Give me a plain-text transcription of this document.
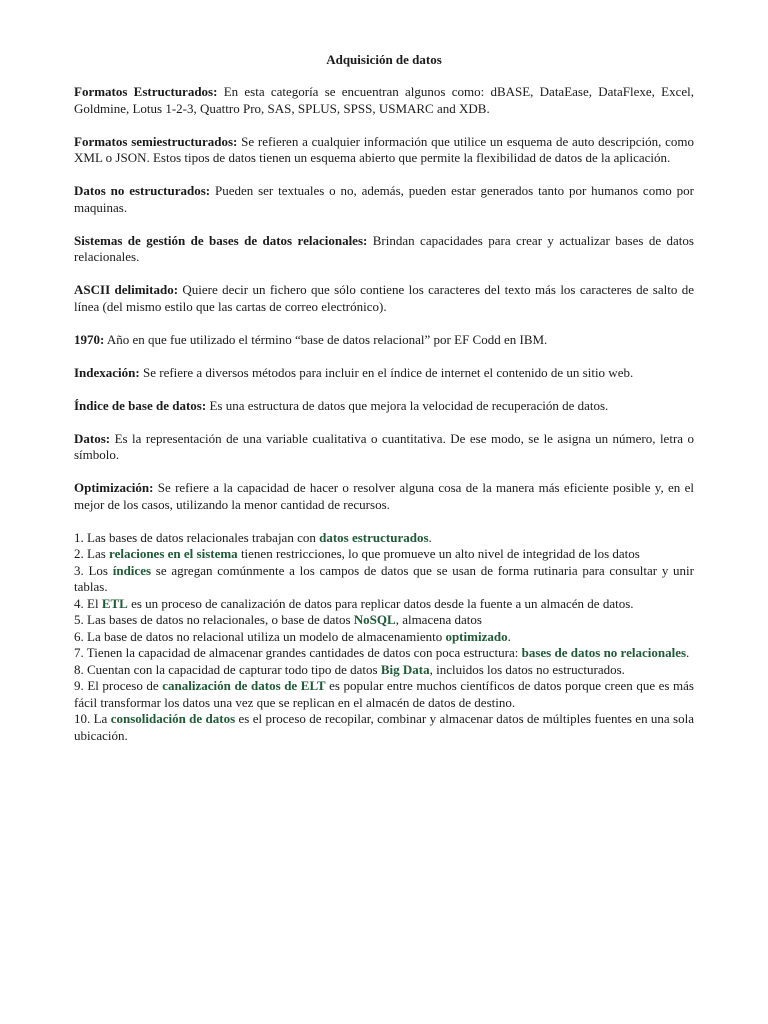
Adquisición de datos

Formatos Estructurados: En esta categoría se encuentran algunos como: dBASE, DataEase, DataFlexe, Excel, Goldmine, Lotus 1-2-3, Quattro Pro, SAS, SPLUS, SPSS, USMARC and XDB.

Formatos semiestructurados: Se refieren a cualquier información que utilice un esquema de auto descripción, como XML o JSON. Estos tipos de datos tienen un esquema abierto que permite la flexibilidad de datos de la aplicación.

Datos no estructurados: Pueden ser textuales o no, además, pueden estar generados tanto por humanos como por maquinas.

Sistemas de gestión de bases de datos relacionales: Brindan capacidades para crear y actualizar bases de datos relacionales.

ASCII delimitado: Quiere decir un fichero que sólo contiene los caracteres del texto más los caracteres de salto de línea (del mismo estilo que las cartas de correo electrónico).

1970: Año en que fue utilizado el término “base de datos relacional” por EF Codd en IBM.

Indexación: Se refiere a diversos métodos para incluir en el índice de internet el contenido de un sitio web.

Índice de base de datos: Es una estructura de datos que mejora la velocidad de recuperación de datos.

Datos: Es la representación de una variable cualitativa o cuantitativa. De ese modo, se le asigna un número, letra o símbolo.

Optimización: Se refiere a la capacidad de hacer o resolver alguna cosa de la manera más eficiente posible y, en el mejor de los casos, utilizando la menor cantidad de recursos.

1. Las bases de datos relacionales trabajan con datos estructurados.
2. Las relaciones en el sistema tienen restricciones, lo que promueve un alto nivel de integridad de los datos
3. Los índices se agregan comúnmente a los campos de datos que se usan de forma rutinaria para consultar y unir tablas.
4. El ETL es un proceso de canalización de datos para replicar datos desde la fuente a un almacén de datos.
5. Las bases de datos no relacionales, o base de datos NoSQL, almacena datos
6. La base de datos no relacional utiliza un modelo de almacenamiento optimizado.
7. Tienen la capacidad de almacenar grandes cantidades de datos con poca estructura: bases de datos no relacionales.
8. Cuentan con la capacidad de capturar todo tipo de datos Big Data, incluidos los datos no estructurados.
9. El proceso de canalización de datos de ELT es popular entre muchos científicos de datos porque creen que es más fácil transformar los datos una vez que se replican en el almacén de datos de destino.
10. La consolidación de datos es el proceso de recopilar, combinar y almacenar datos de múltiples fuentes en una sola ubicación.
